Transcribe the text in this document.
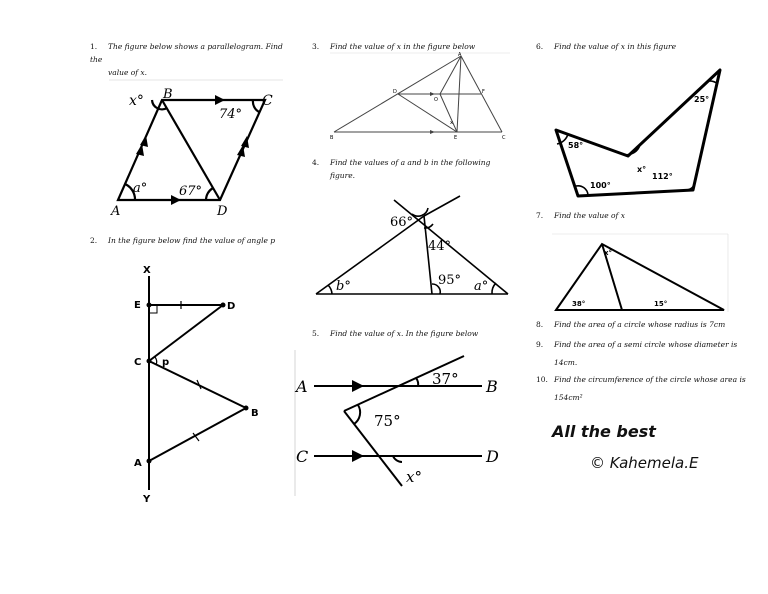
1. The figure below shows a parallelogram. Find the
value of x.
2. In the figure below find the value of angle p
3. Find the value of x in the figure below
4. Find the values of a and b in the following
figure.
5. Find the value of x. In the figure below
6. Find the value of x in this figure
7. Find the value of x
8. Find the area of a circle whose radius is 7cm
9. Find the area of a semi circle whose diameter is
14cm.
10. Find the circumference of the circle whose area is
154cm²
x° B	C
74°
a° 67°
A	D
X
E	D
C p
B
A
Y
A
B	C
D
E
F
O
x
66°
44°
95°
b°	a°
A	B
C	D
37°
75°
x°
25°
58°
x°
112°
100°
x°
38°	15°
All the best
© Kahemela.E
